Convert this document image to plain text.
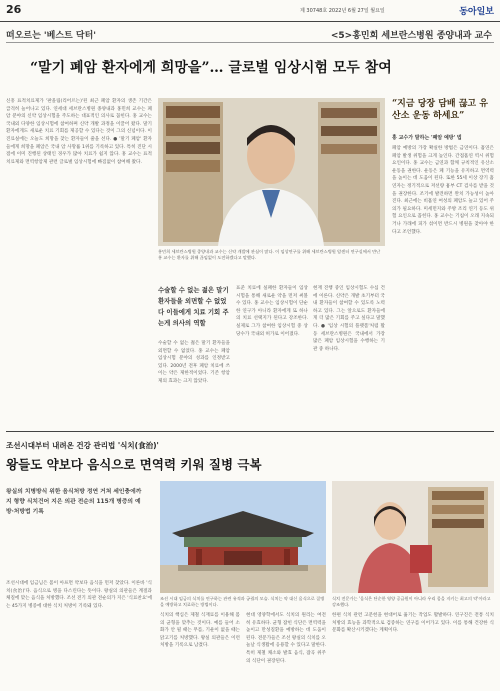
26	제 30748호 2022년 6월 27일 월요일	동아일보
떠오르는 '베스트 닥터'	<5>홍민희 세브란스병원 종양내과 교수
“말기 폐암 환자에게 희망을”… 글로벌 임상시험 모두 참여
신흥 표적치료제가 '판올림(리어르는)'된 최근 폐암 환자의 생존 기간은 급격히 늘어나고 있다. 연세대 세브란스병원 종양내과 홍민희 교수는 폐암 분야의 신약 임상시험을 주도하는 대표적인 의사로 꼽힌다. 홍 교수는 국내외 다양한 임상시험에 참여하며 신약 개발 과정을 이끌어 왔다. 말기 환자에게도 새로운 치료 기회를 제공할 수 있다는 것이 그의 신념이다. 이 진료실에는 오늘도 희망을 찾는 환자들이 줄을 선다. ● '말기 폐암' 환자들에게 희망을 폐암은 국내 암 사망률 1위를 기록하고 있다. 특히 진단 시점에 이미 진행된 상태인 경우가 많아 치료가 쉽지 않다. 홍 교수는 표적치료제와 면역항암제 관련 글로벌 임상시험에 빠짐없이 참여해 왔다.
홍민희 세브란스병원 종양내과 교수는 신약 개발에 관심이 많다. 이 임상연구를 위해 세브란스병원 암센터 연구실에서 만난 홍 교수는 환자를 위해 끊임없이 도전하겠다고 말했다.
수술할 수 없는 젊은 말기 환자들을 외면할 수 없었다 이들에게 치료 기회 주는게 의사의 역할
수술할 수 없는 젊은 말기 환자들을 외면할 수 없었다. 홍 교수는 폐암 임상시험 분야의 성과를 인정받고 있다. 2000년 전후 폐암 치료에 쓰이는 약은 제한적이었다. 기존 항암제의 효과는 크지 않았다.
표준 치료에 실패한 환자들이 임상시험을 통해 새로운 약을 먼저 써볼 수 있다. 홍 교수는 임상시험이 단순한 연구가 아니라 환자에게 또 하나의 치료 선택지가 된다고 강조한다. 실제로 그가 참여한 임상시험 중 상당수가 국내외 허가로 이어졌다.
현재 진행 중인 임상시험도 수십 건에 이른다. 신약은 개발 초기부터 국내 환자들이 참여할 수 있도록 노력하고 있다. 그는 앞으로도 환자들에게 더 많은 기회를 주고 싶다고 말했다. ● '임상 시험의 플랫폼'처럼 활동 세브란스병원은 국내에서 가장 많은 폐암 임상시험을 수행하는 기관 중 하나다.
“지금 당장 담배 끊고 유산소 운동 하세요”
홍 교수가 말하는 '폐암 예방' 법
폐암 예방의 가장 확실한 방법은 금연이다. 흡연은 폐암 발생 위험을 크게 높인다. 간접흡연 역시 위험 요인이다. 홍 교수는 금연과 함께 규칙적인 유산소 운동을 권한다. 운동은 폐 기능을 유지하고 면역력을 높이는 데 도움이 된다. 또한 55세 이상 장기 흡연자는 정기적으로 저선량 흉부 CT 검사를 받을 것을 권장한다. 조기에 발견하면 완치 가능성이 높아진다. 최근에는 비흡연 여성의 폐암도 늘고 있어 주의가 필요하다. 미세먼지와 주방 조리 연기 등도 위험 요인으로 꼽힌다. 홍 교수는 기침이 오래 지속되거나 가래에 피가 섞이면 반드시 병원을 찾아야 한다고 조언했다.
조선시대부터 내려온 건강 관리법 '식치(食治)'
왕들도 약보다 음식으로 면역력 키워 질병 극복
왕실의 치병방식 위한 음식처방 정연 거쳐 세인충에까지 형향 식치건어 지은 의관 전순의 115개 병증의 예방·처방법 기록
조선시대에 임금님은 몸이 아프면 약보다 음식을 먼저 찾았다. 이른바 '식치(食治)'다. 음식으로 병을 다스린다는 뜻이다. 왕실의 의관들은 계절과 체질에 맞는 음식을 처방했다. 조선 전기 의관 전순의가 지은 '식료찬요'에는 45가지 병증에 대한 식치 처방이 기록돼 있다.
조선 시대 임금의 식치를 연구하는 관련 유적과 궁궐의 모습. 식치는 약 대신 음식으로 질병을 예방하고 치료하는 방법이다.
식치 전문가는 '음식은 단순한 영양 공급원이 아니라 우리 몸을 지키는 최고의 약'이라고 강조했다.
식치의 핵심은 제철 식재료를 이용해 몸의 균형을 맞추는 것이다. 예를 들어 소화가 안 될 때는 무를, 기운이 없을 때는 닭고기를 처방했다. 왕실 의관들은 이런 처방을 기록으로 남겼다.
현대 영양학에서도 식치의 원리는 여전히 유효하다. 균형 잡힌 식단은 면역력을 높이고 만성질환을 예방하는 데 도움이 된다. 전문가들은 조선 왕실의 식치를 오늘날 식생활에 응용할 수 있다고 말한다. 특히 제철 채소와 발효 음식, 잡곡 위주의 식단이 권장된다.
한편 식치 관련 고문헌을 현대어로 옮기는 작업도 활발하다. 연구진은 전통 식치 처방의 효능을 과학적으로 검증하는 연구를 이어가고 있다. 이를 통해 건강한 식문화를 확산시키겠다는 계획이다.
